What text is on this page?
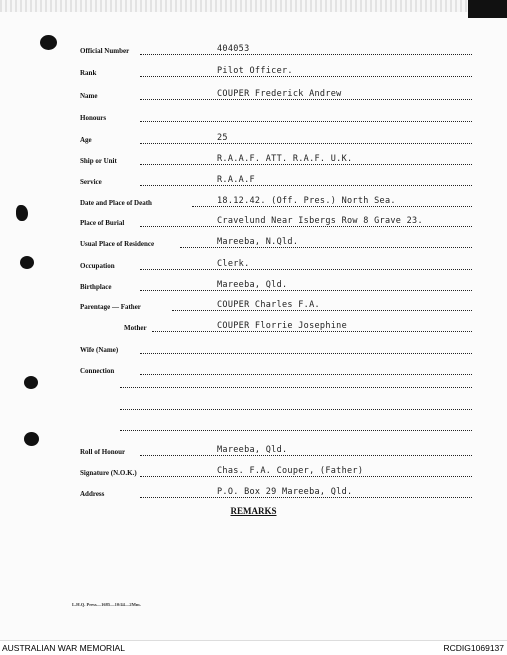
Official Number	404053
Rank	Pilot Officer.
Name	COUPER Frederick Andrew
Honours
Age	25
Ship or Unit	R.A.A.F. ATT. R.A.F. U.K.
Service	R.A.A.F
Date and Place of Death	18.12.42. (Off. Pres.) North Sea.
Place of Burial	Cravelund Near Isbergs Row 8 Grave 23.
Usual Place of Residence	Mareeba, N.Qld.
Occupation	Clerk.
Birthplace	Mareeba, Qld.
Parentage — Father	COUPER Charles F.A.
Mother	COUPER Florrie Josephine
Wife (Name)
Connection
Roll of Honour	Mareeba, Qld.
Signature (N.O.K.)	Chas. F.A. Couper, (Father)
Address	P.O. Box 29 Mareeba, Qld.
REMARKS
L.H.Q. Press—1685—10/44—2Mm.
AUSTRALIAN WAR MEMORIAL	RCDIG1069137
